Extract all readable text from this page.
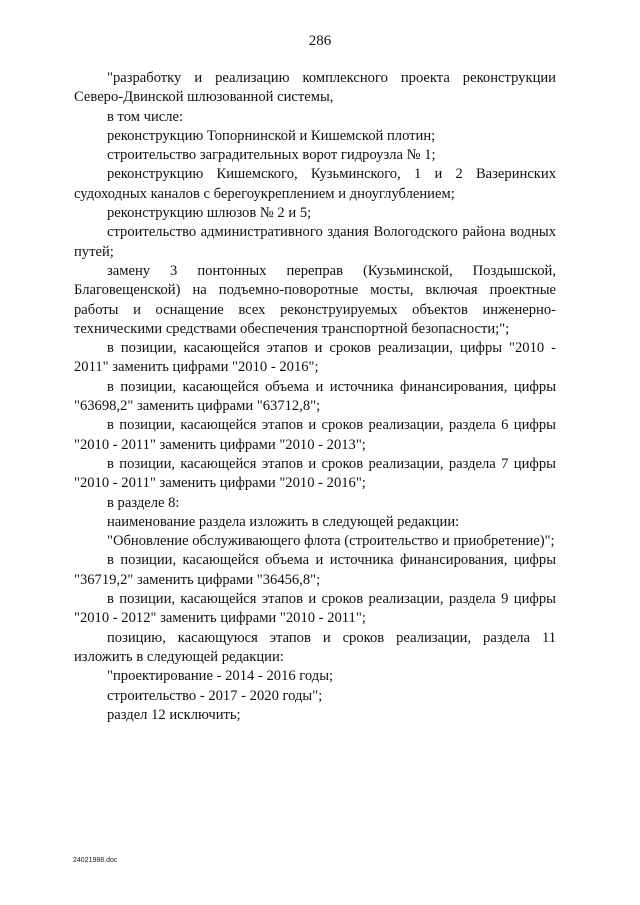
286

"разработку и реализацию комплексного проекта реконструкции Северо-Двинской шлюзованной системы,

в том числе:

реконструкцию Топорнинской и Кишемской плотин;

строительство заградительных ворот гидроузла № 1;

реконструкцию Кишемского, Кузьминского, 1 и 2 Вазеринских судоходных каналов с берегоукреплением и дноуглублением;

реконструкцию шлюзов № 2 и 5;

строительство административного здания Вологодского района водных путей;

замену 3 понтонных переправ (Кузьминской, Поздышской, Благовещенской) на подъемно-поворотные мосты, включая проектные работы и оснащение всех реконструируемых объектов инженерно-техническими средствами обеспечения транспортной безопасности;";

в позиции, касающейся этапов и сроков реализации, цифры "2010 - 2011" заменить цифрами "2010 - 2016";

в позиции, касающейся объема и источника финансирования, цифры "63698,2" заменить цифрами "63712,8";

в позиции, касающейся этапов и сроков реализации, раздела 6 цифры "2010 - 2011" заменить цифрами "2010 - 2013";

в позиции, касающейся этапов и сроков реализации, раздела 7 цифры "2010 - 2011" заменить цифрами "2010 - 2016";

в разделе 8:

наименование раздела изложить в следующей редакции:

"Обновление обслуживающего флота (строительство и приобретение)";

в позиции, касающейся объема и источника финансирования, цифры "36719,2" заменить цифрами "36456,8";

в позиции, касающейся этапов и сроков реализации, раздела 9 цифры "2010 - 2012" заменить цифрами "2010 - 2011";

позицию, касающуюся этапов и сроков реализации, раздела 11 изложить в следующей редакции:

"проектирование - 2014 - 2016 годы;

строительство - 2017 - 2020 годы";

раздел 12 исключить;

24021988.doc
